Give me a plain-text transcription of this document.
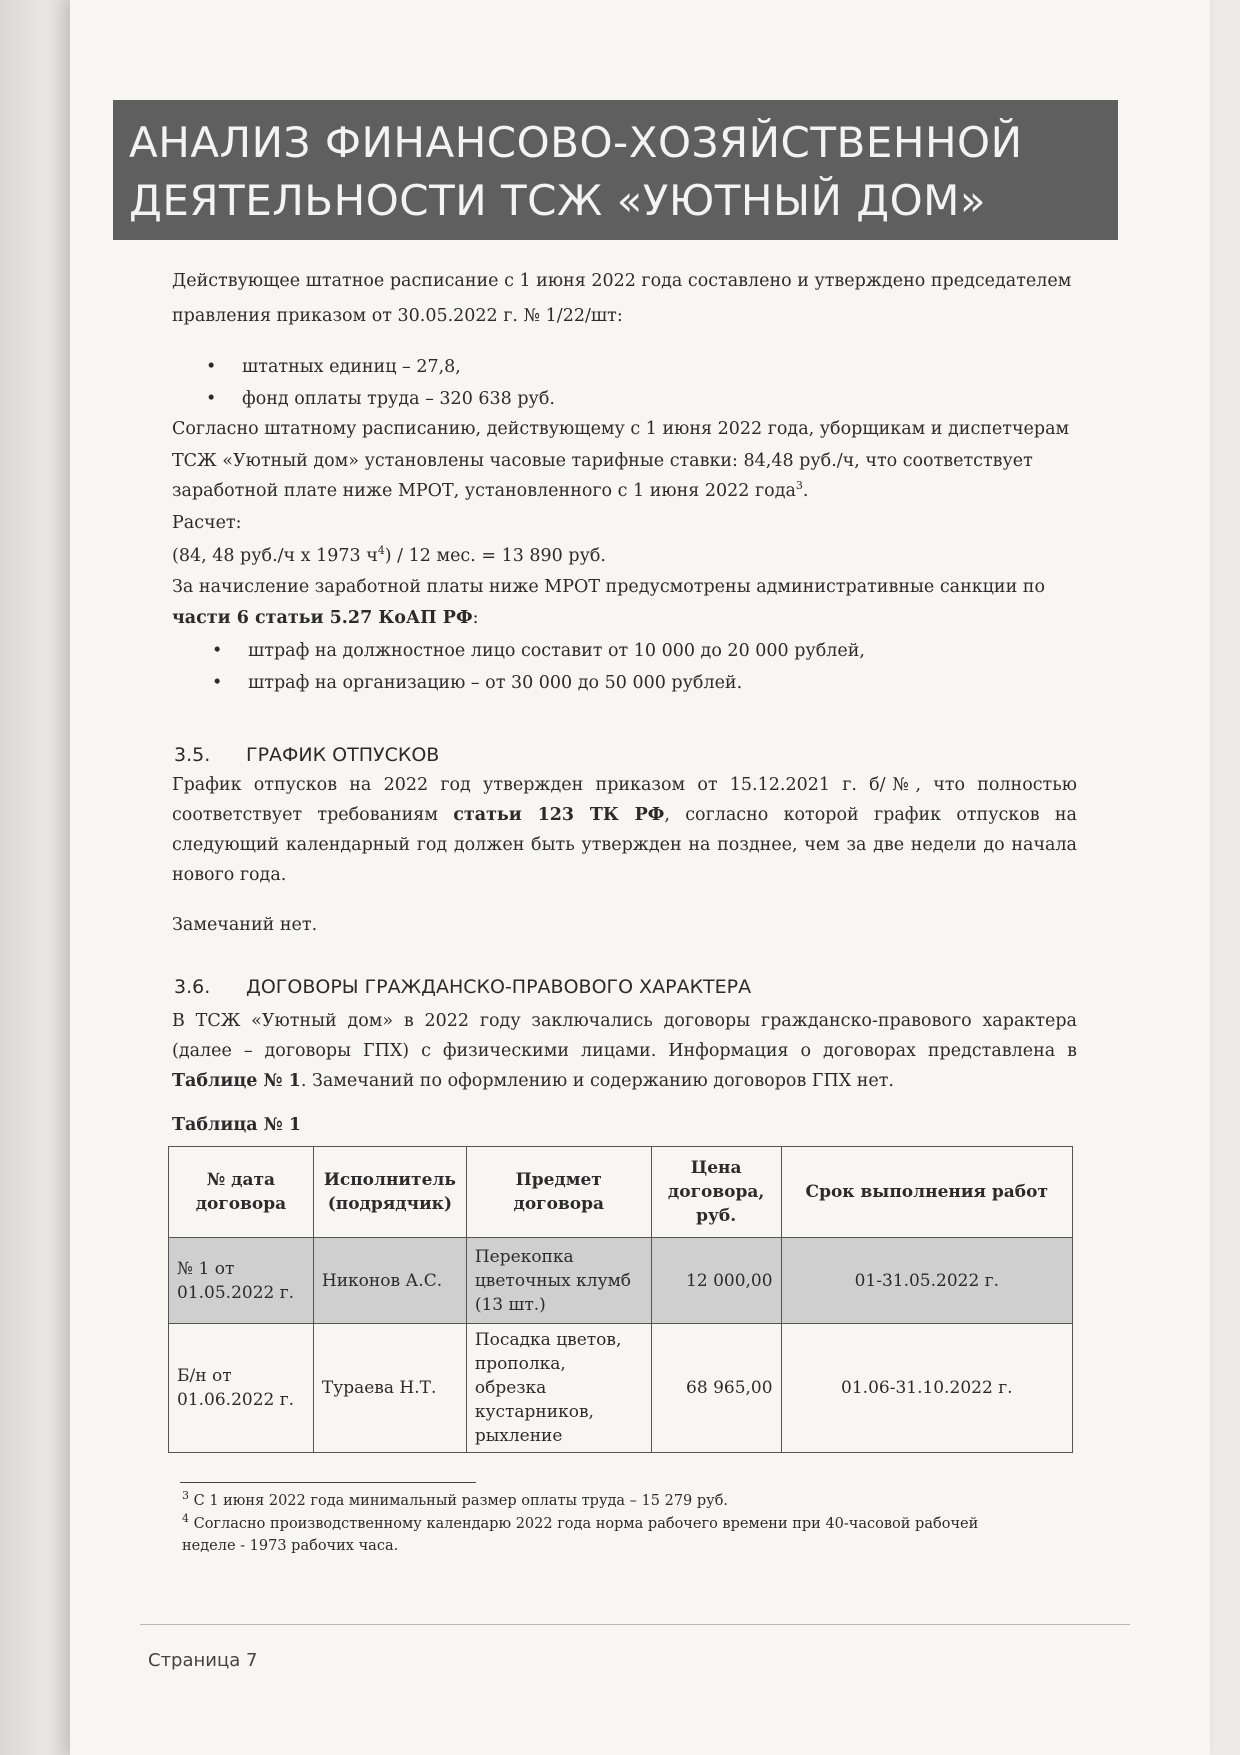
АНАЛИЗ ФИНАНСОВО-ХОЗЯЙСТВЕННОЙ
ДЕЯТЕЛЬНОСТИ ТСЖ «УЮТНЫЙ ДОМ»
Действующее штатное расписание с 1 июня 2022 года составлено и утверждено председателем
правления приказом от 30.05.2022 г. № 1/22/шт:
• штатных единиц – 27,8,
• фонд оплаты труда – 320 638 руб.
Согласно штатному расписанию, действующему с 1 июня 2022 года, уборщикам и диспетчерам
ТСЖ «Уютный дом» установлены часовые тарифные ставки: 84,48 руб./ч, что соответствует
заработной плате ниже МРОТ, установленного с 1 июня 2022 года$^3$.
Расчет:
(84, 48 руб./ч х 1973 $ч^4) / 12$ мес. = 13 890 руб.
За начисление заработной платы ниже МРОТ предусмотрены административные санкции по
части 6 статьи 5.27 КоАП РФ:
• штраф на должностное лицо составит от 10 000 до 20 000 рублей,
• штраф на организацию – от 30 000 до 50 000 рублей.
3.5. ГРАФИК ОТПУСКОВ
График отпусков на 2022 год утвержден приказом от 15.12.2021 г. б/№, что полностью
соответствует требованиям статьи 123 ТК РФ, согласно которой график отпусков на
следующий календарный год должен быть утвержден на позднее, чем за две недели до начала
нового года.
Замечаний нет.
3.6. ДОГОВОРЫ ГРАЖДАНСКО-ПРАВОВОГО ХАРАКТЕРА
В ТСЖ «Уютный дом» в 2022 году заключались договоры гражданско-правового характера
(далее – договоры ГПХ) с физическими лицами. Информация о договорах представлена в
Таблице № 1. Замечаний по оформлению и содержанию договоров ГПХ нет.
Таблица № 1
№ дата договора	Исполнитель (подрядчик)	Предмет договора	Цена договора, руб.	Срок выполнения работ
№ 1 от 01.05.2022 г.	Никонов А.С.	Перекопка цветочных клумб (13 шт.)	12 000,00	01-31.05.2022 г.
Б/н от 01.06.2022 г.	Тураева Н.Т.	Посадка цветов, прополка, обрезка кустарников, рыхление	68 965,00	01.06-31.10.2022 г.
$^3$ С 1 июня 2022 года минимальный размер оплаты труда – 15 279 руб.
$^4$ Согласно производственному календарю 2022 года норма рабочего времени при 40-часовой рабочей
неделе - 1973 рабочих часа.
Страница 7
